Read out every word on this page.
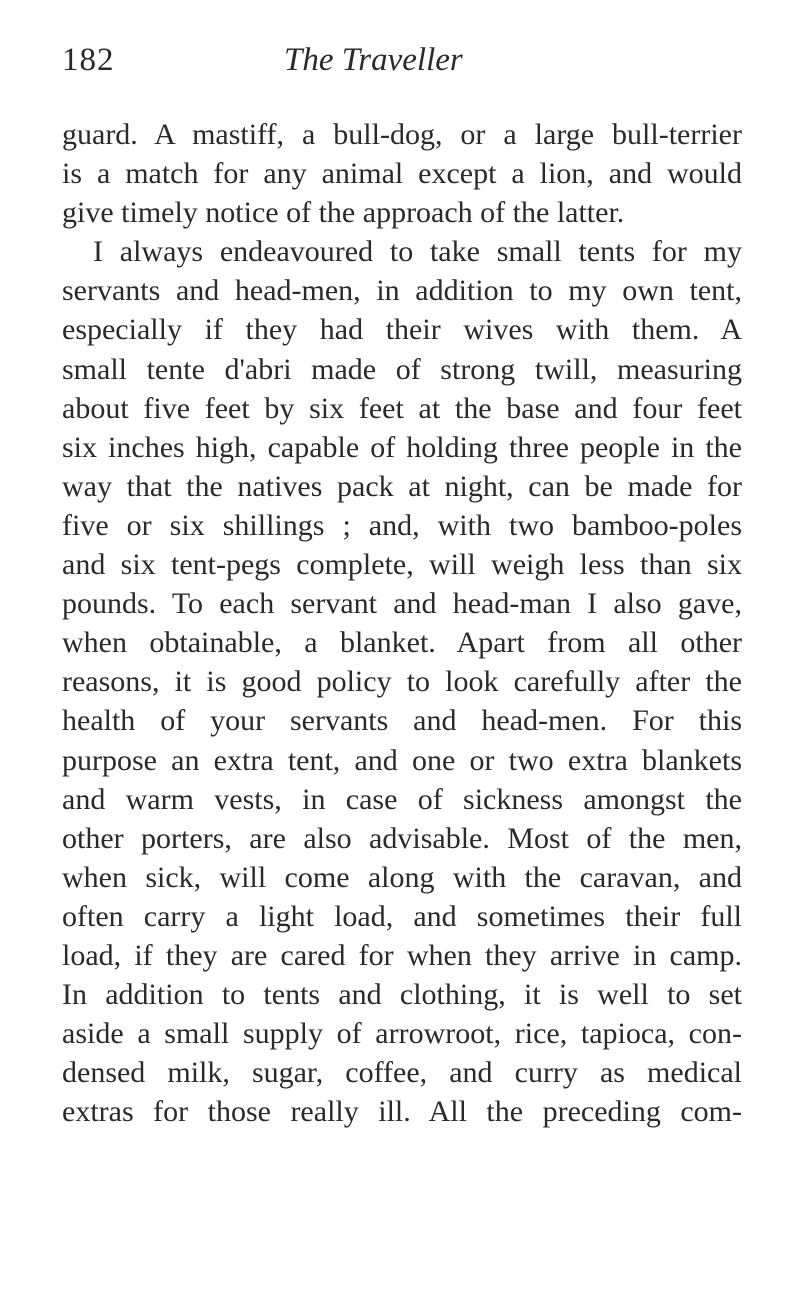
182	The Traveller
guard. A mastiff, a bull-dog, or a large bull-terrier
is a match for any animal except a lion, and would
give timely notice of the approach of the latter.
I always endeavoured to take small tents for my
servants and head-men, in addition to my own tent,
especially if they had their wives with them. A
small tente d'abri made of strong twill, measuring
about five feet by six feet at the base and four feet
six inches high, capable of holding three people in the
way that the natives pack at night, can be made for
five or six shillings ; and, with two bamboo-poles
and six tent-pegs complete, will weigh less than six
pounds. To each servant and head-man I also gave,
when obtainable, a blanket. Apart from all other
reasons, it is good policy to look carefully after the
health of your servants and head-men. For this
purpose an extra tent, and one or two extra blankets
and warm vests, in case of sickness amongst the
other porters, are also advisable. Most of the men,
when sick, will come along with the caravan, and
often carry a light load, and sometimes their full
load, if they are cared for when they arrive in camp.
In addition to tents and clothing, it is well to set
aside a small supply of arrowroot, rice, tapioca, con-
densed milk, sugar, coffee, and curry as medical
extras for those really ill. All the preceding com-
